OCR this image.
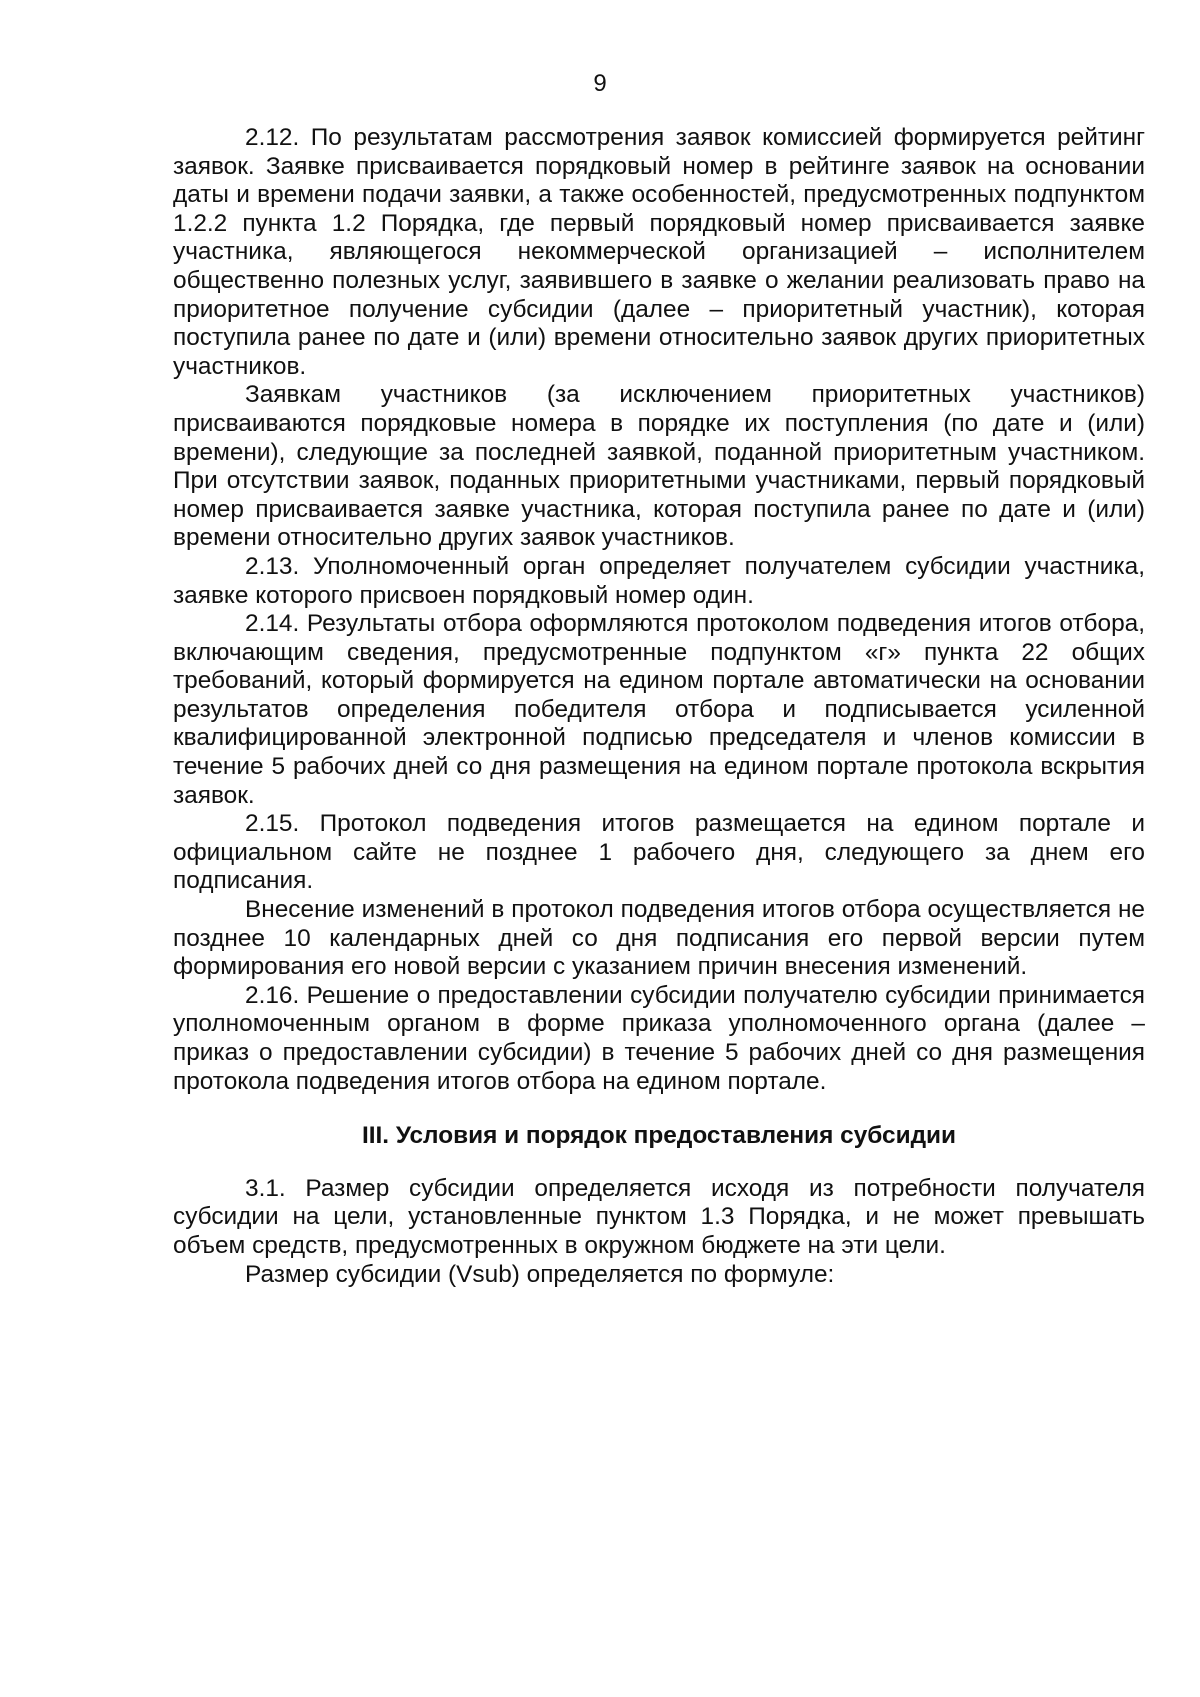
9

2.12. По результатам рассмотрения заявок комиссией формируется рейтинг заявок. Заявке присваивается порядковый номер в рейтинге заявок на основании даты и времени подачи заявки, а также особенностей, предусмотренных подпунктом 1.2.2 пункта 1.2 Порядка, где первый порядковый номер присваивается заявке участника, являющегося некоммерческой организацией – исполнителем общественно полезных услуг, заявившего в заявке о желании реализовать право на приоритетное получение субсидии (далее – приоритетный участник), которая поступила ранее по дате и (или) времени относительно заявок других приоритетных участников.

Заявкам участников (за исключением приоритетных участников) присваиваются порядковые номера в порядке их поступления (по дате и (или) времени), следующие за последней заявкой, поданной приоритетным участником. При отсутствии заявок, поданных приоритетными участниками, первый порядковый номер присваивается заявке участника, которая поступила ранее по дате и (или) времени относительно других заявок участников.

2.13. Уполномоченный орган определяет получателем субсидии участника, заявке которого присвоен порядковый номер один.

2.14. Результаты отбора оформляются протоколом подведения итогов отбора, включающим сведения, предусмотренные подпунктом «г» пункта 22 общих требований, который формируется на едином портале автоматически на основании результатов определения победителя отбора и подписывается усиленной квалифицированной электронной подписью председателя и членов комиссии в течение 5 рабочих дней со дня размещения на едином портале протокола вскрытия заявок.

2.15. Протокол подведения итогов размещается на едином портале и официальном сайте не позднее 1 рабочего дня, следующего за днем его подписания.

Внесение изменений в протокол подведения итогов отбора осуществляется не позднее 10 календарных дней со дня подписания его первой версии путем формирования его новой версии с указанием причин внесения изменений.

2.16. Решение о предоставлении субсидии получателю субсидии принимается уполномоченным органом в форме приказа уполномоченного органа (далее – приказ о предоставлении субсидии) в течение 5 рабочих дней со дня размещения протокола подведения итогов отбора на едином портале.

III. Условия и порядок предоставления субсидии

3.1. Размер субсидии определяется исходя из потребности получателя субсидии на цели, установленные пунктом 1.3 Порядка, и не может превышать объем средств, предусмотренных в окружном бюджете на эти цели.

Размер субсидии (Vsub) определяется по формуле:
